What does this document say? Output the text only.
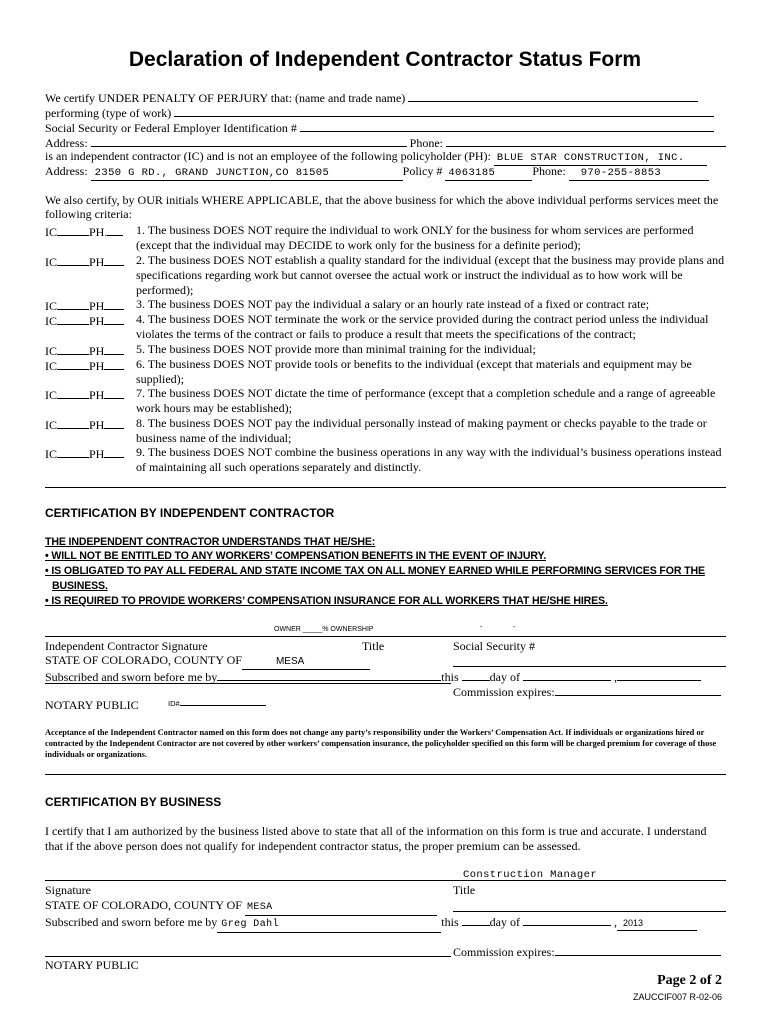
Declaration of Independent Contractor Status Form
We certify UNDER PENALTY OF PERJURY that: (name and trade name)
performing (type of work)
Social Security or Federal Employer Identification #
Address:	Phone:
is an independent contractor (IC) and is not an employee of the following policyholder (PH): BLUE STAR CONSTRUCTION, INC.
Address: 2350 G RD., GRAND JUNCTION,CO 81505	Policy # 4063185	Phone: 970-255-8853
We also certify, by OUR initials WHERE APPLICABLE, that the above business for which the above individual performs services meet the following criteria:
IC	PH.	1. The business DOES NOT require the individual to work ONLY for the business for whom services are performed (except that the individual may DECIDE to work only for the business for a definite period);
IC	PH	2. The business DOES NOT establish a quality standard for the individual (except that the business may provide plans and specifications regarding work but cannot oversee the actual work or instruct the individual as to how work will be performed);
IC	PH	3. The business DOES NOT pay the individual a salary or an hourly rate instead of a fixed or contract rate;
IC	PH	4. The business DOES NOT terminate the work or the service provided during the contract period unless the individual violates the terms of the contract or fails to produce a result that meets the specifications of the contract;
IC	PH	5. The business DOES NOT provide more than minimal training for the individual;
IC	PH	6. The business DOES NOT provide tools or benefits to the individual (except that materials and equipment may be supplied);
IC	PH	7. The business DOES NOT dictate the time of performance (except that a completion schedule and a range of agreeable work hours may be established);
IC	PH	8. The business DOES NOT pay the individual personally instead of making payment or checks payable to the trade or business name of the individual;
IC	PH	9. The business DOES NOT combine the business operations in any way with the individual’s business operations instead of maintaining all such operations separately and distinctly.
CERTIFICATION BY INDEPENDENT CONTRACTOR
THE INDEPENDENT CONTRACTOR UNDERSTANDS THAT HE/SHE:
• WILL NOT BE ENTITLED TO ANY WORKERS’ COMPENSATION BENEFITS IN THE EVENT OF INJURY.
• IS OBLIGATED TO PAY ALL FEDERAL AND STATE INCOME TAX ON ALL MONEY EARNED WHILE PERFORMING SERVICES FOR THE
BUSINESS.
• IS REQUIRED TO PROVIDE WORKERS’ COMPENSATION INSURANCE FOR ALL WORKERS THAT HE/SHE HIRES.
OWNER _____% OWNERSHIP	-	-
Independent Contractor Signature	Title	Social Security #
STATE OF COLORADO, COUNTY OF	MESA
Subscribed and sworn before me by	this	day of	,
Commission expires:
NOTARY PUBLIC	ID#
Acceptance of the Independent Contractor named on this form does not change any party’s responsibility under the Workers’ Compensation Act. If individuals or organizations hired or contracted by the Independent Contractor are not covered by other workers’ compensation insurance, the policyholder specified on this form will be charged premium for coverage of those individuals or organizations.
CERTIFICATION BY BUSINESS
I certify that I am authorized by the business listed above to state that all of the information on this form is true and accurate. I understand that if the above person does not qualify for independent contractor status, the proper premium can be assessed.
Construction Manager
Signature	Title
STATE OF COLORADO, COUNTY OF MESA
Subscribed and sworn before me by Greg Dahl	this	day of	, 2013
Commission expires:
NOTARY PUBLIC
Page 2 of 2
ZAUCCIF007 R-02-06
